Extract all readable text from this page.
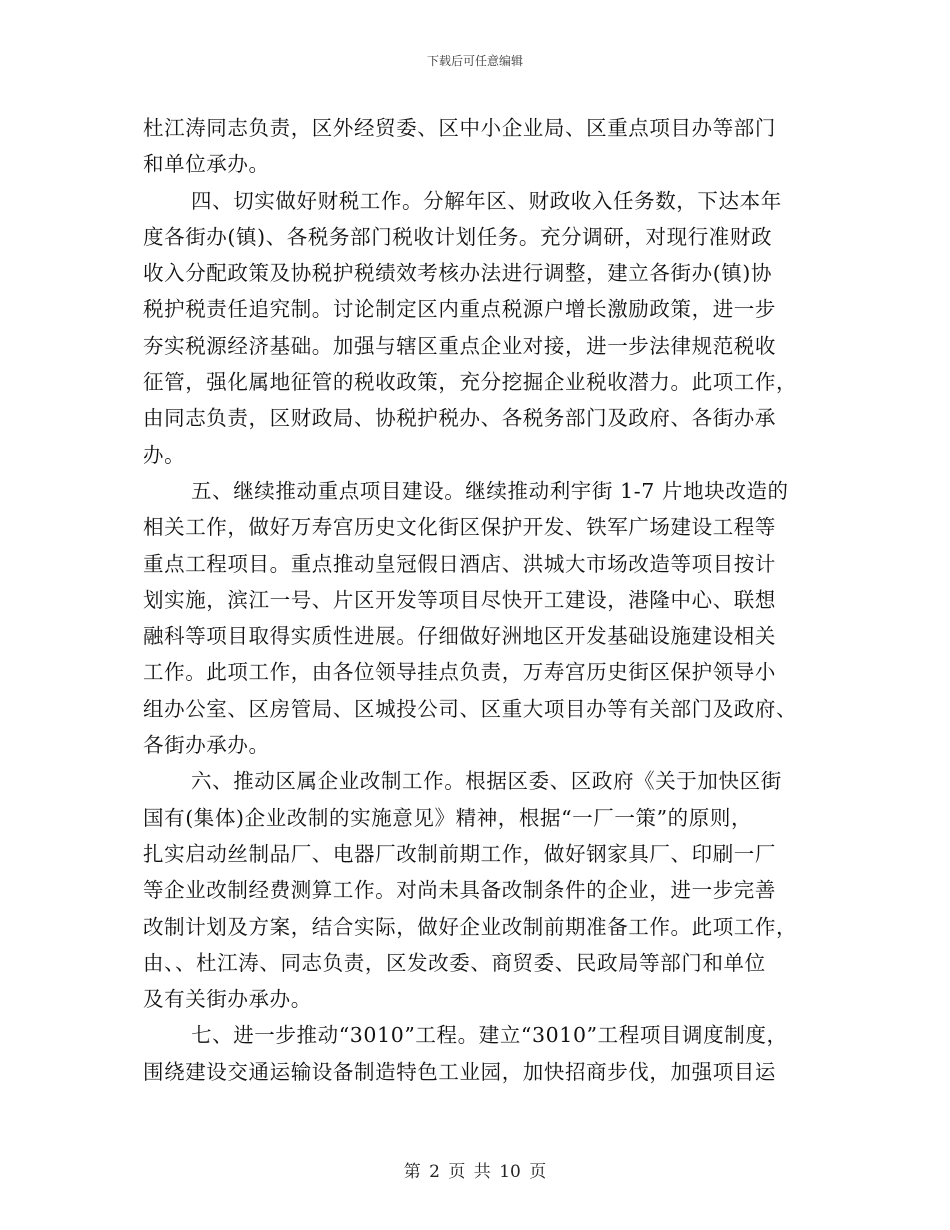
下载后可任意编辑
杜江涛同志负责，区外经贸委、区中小企业局、区重点项目办等部门
和单位承办。
四、切实做好财税工作。分解年区、财政收入任务数，下达本年
度各街办(镇)、各税务部门税收计划任务。充分调研，对现行准财政
收入分配政策及协税护税绩效考核办法进行调整，建立各街办(镇)协
税护税责任追究制。讨论制定区内重点税源户增长激励政策，进一步
夯实税源经济基础。加强与辖区重点企业对接，进一步法律规范税收
征管，强化属地征管的税收政策，充分挖掘企业税收潜力。此项工作，
由同志负责，区财政局、协税护税办、各税务部门及政府、各街办承
办。
五、继续推动重点项目建设。继续推动利宇街 1-7 片地块改造的
相关工作，做好万寿宫历史文化街区保护开发、铁军广场建设工程等
重点工程项目。重点推动皇冠假日酒店、洪城大市场改造等项目按计
划实施，滨江一号、片区开发等项目尽快开工建设，港隆中心、联想
融科等项目取得实质性进展。仔细做好洲地区开发基础设施建设相关
工作。此项工作，由各位领导挂点负责，万寿宫历史街区保护领导小
组办公室、区房管局、区城投公司、区重大项目办等有关部门及政府、
各街办承办。
六、推动区属企业改制工作。根据区委、区政府《关于加快区街
国有(集体)企业改制的实施意见》精神，根据“一厂一策”的原则，
扎实启动丝制品厂、电器厂改制前期工作，做好钢家具厂、印刷一厂
等企业改制经费测算工作。对尚未具备改制条件的企业，进一步完善
改制计划及方案，结合实际，做好企业改制前期准备工作。此项工作，
由、、杜江涛、同志负责，区发改委、商贸委、民政局等部门和单位
及有关街办承办。
七、进一步推动“3010”工程。建立“3010”工程项目调度制度，
围绕建设交通运输设备制造特色工业园，加快招商步伐，加强项目运
第 2 页 共 10 页
